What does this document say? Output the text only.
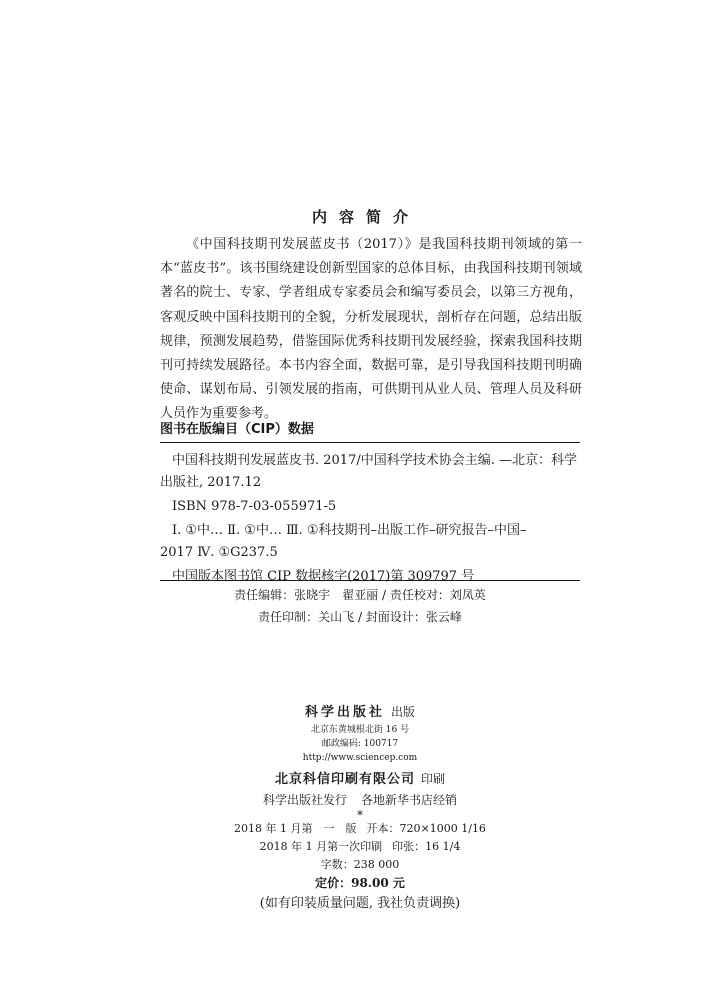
内容简介

《中国科技期刊发展蓝皮书（2017）》是我国科技期刊领域的第一本“蓝皮书”。该书围绕建设创新型国家的总体目标，由我国科技期刊领域著名的院士、专家、学者组成专家委员会和编写委员会，以第三方视角，客观反映中国科技期刊的全貌，分析发展现状，剖析存在问题，总结出版规律，预测发展趋势，借鉴国际优秀科技期刊发展经验，探索我国科技期刊可持续发展路径。本书内容全面，数据可靠，是引导我国科技期刊明确使命、谋划布局、引领发展的指南，可供期刊从业人员、管理人员及科研人员作为重要参考。

图书在版编目（CIP）数据

中国科技期刊发展蓝皮书. 2017/中国科学技术协会主编. —北京：科学

出版社, 2017.12

ISBN 978-7-03-055971-5

Ⅰ. ①中… Ⅱ. ①中… Ⅲ. ①科技期刊–出版工作–研究报告–中国–

2017 Ⅳ. ①G237.5

中国版本图书馆 CIP 数据核字(2017)第 309797 号

责任编辑：张晓宇　翟亚丽 / 责任校对：刘凤英
责任印制：关山飞 / 封面设计：张云峰
科学出版社 出版
北京东黄城根北街 16 号
邮政编码: 100717
http://www.sciencep.com
北京科信印刷有限公司 印刷
科学出版社发行 各地新华书店经销
*
2018 年 1 月第　一　版 开本：720×1000 1/16
2018 年 1 月第一次印刷 印张：16 1/4
字数：238 000
定价：98.00 元
(如有印装质量问题, 我社负责调换)
